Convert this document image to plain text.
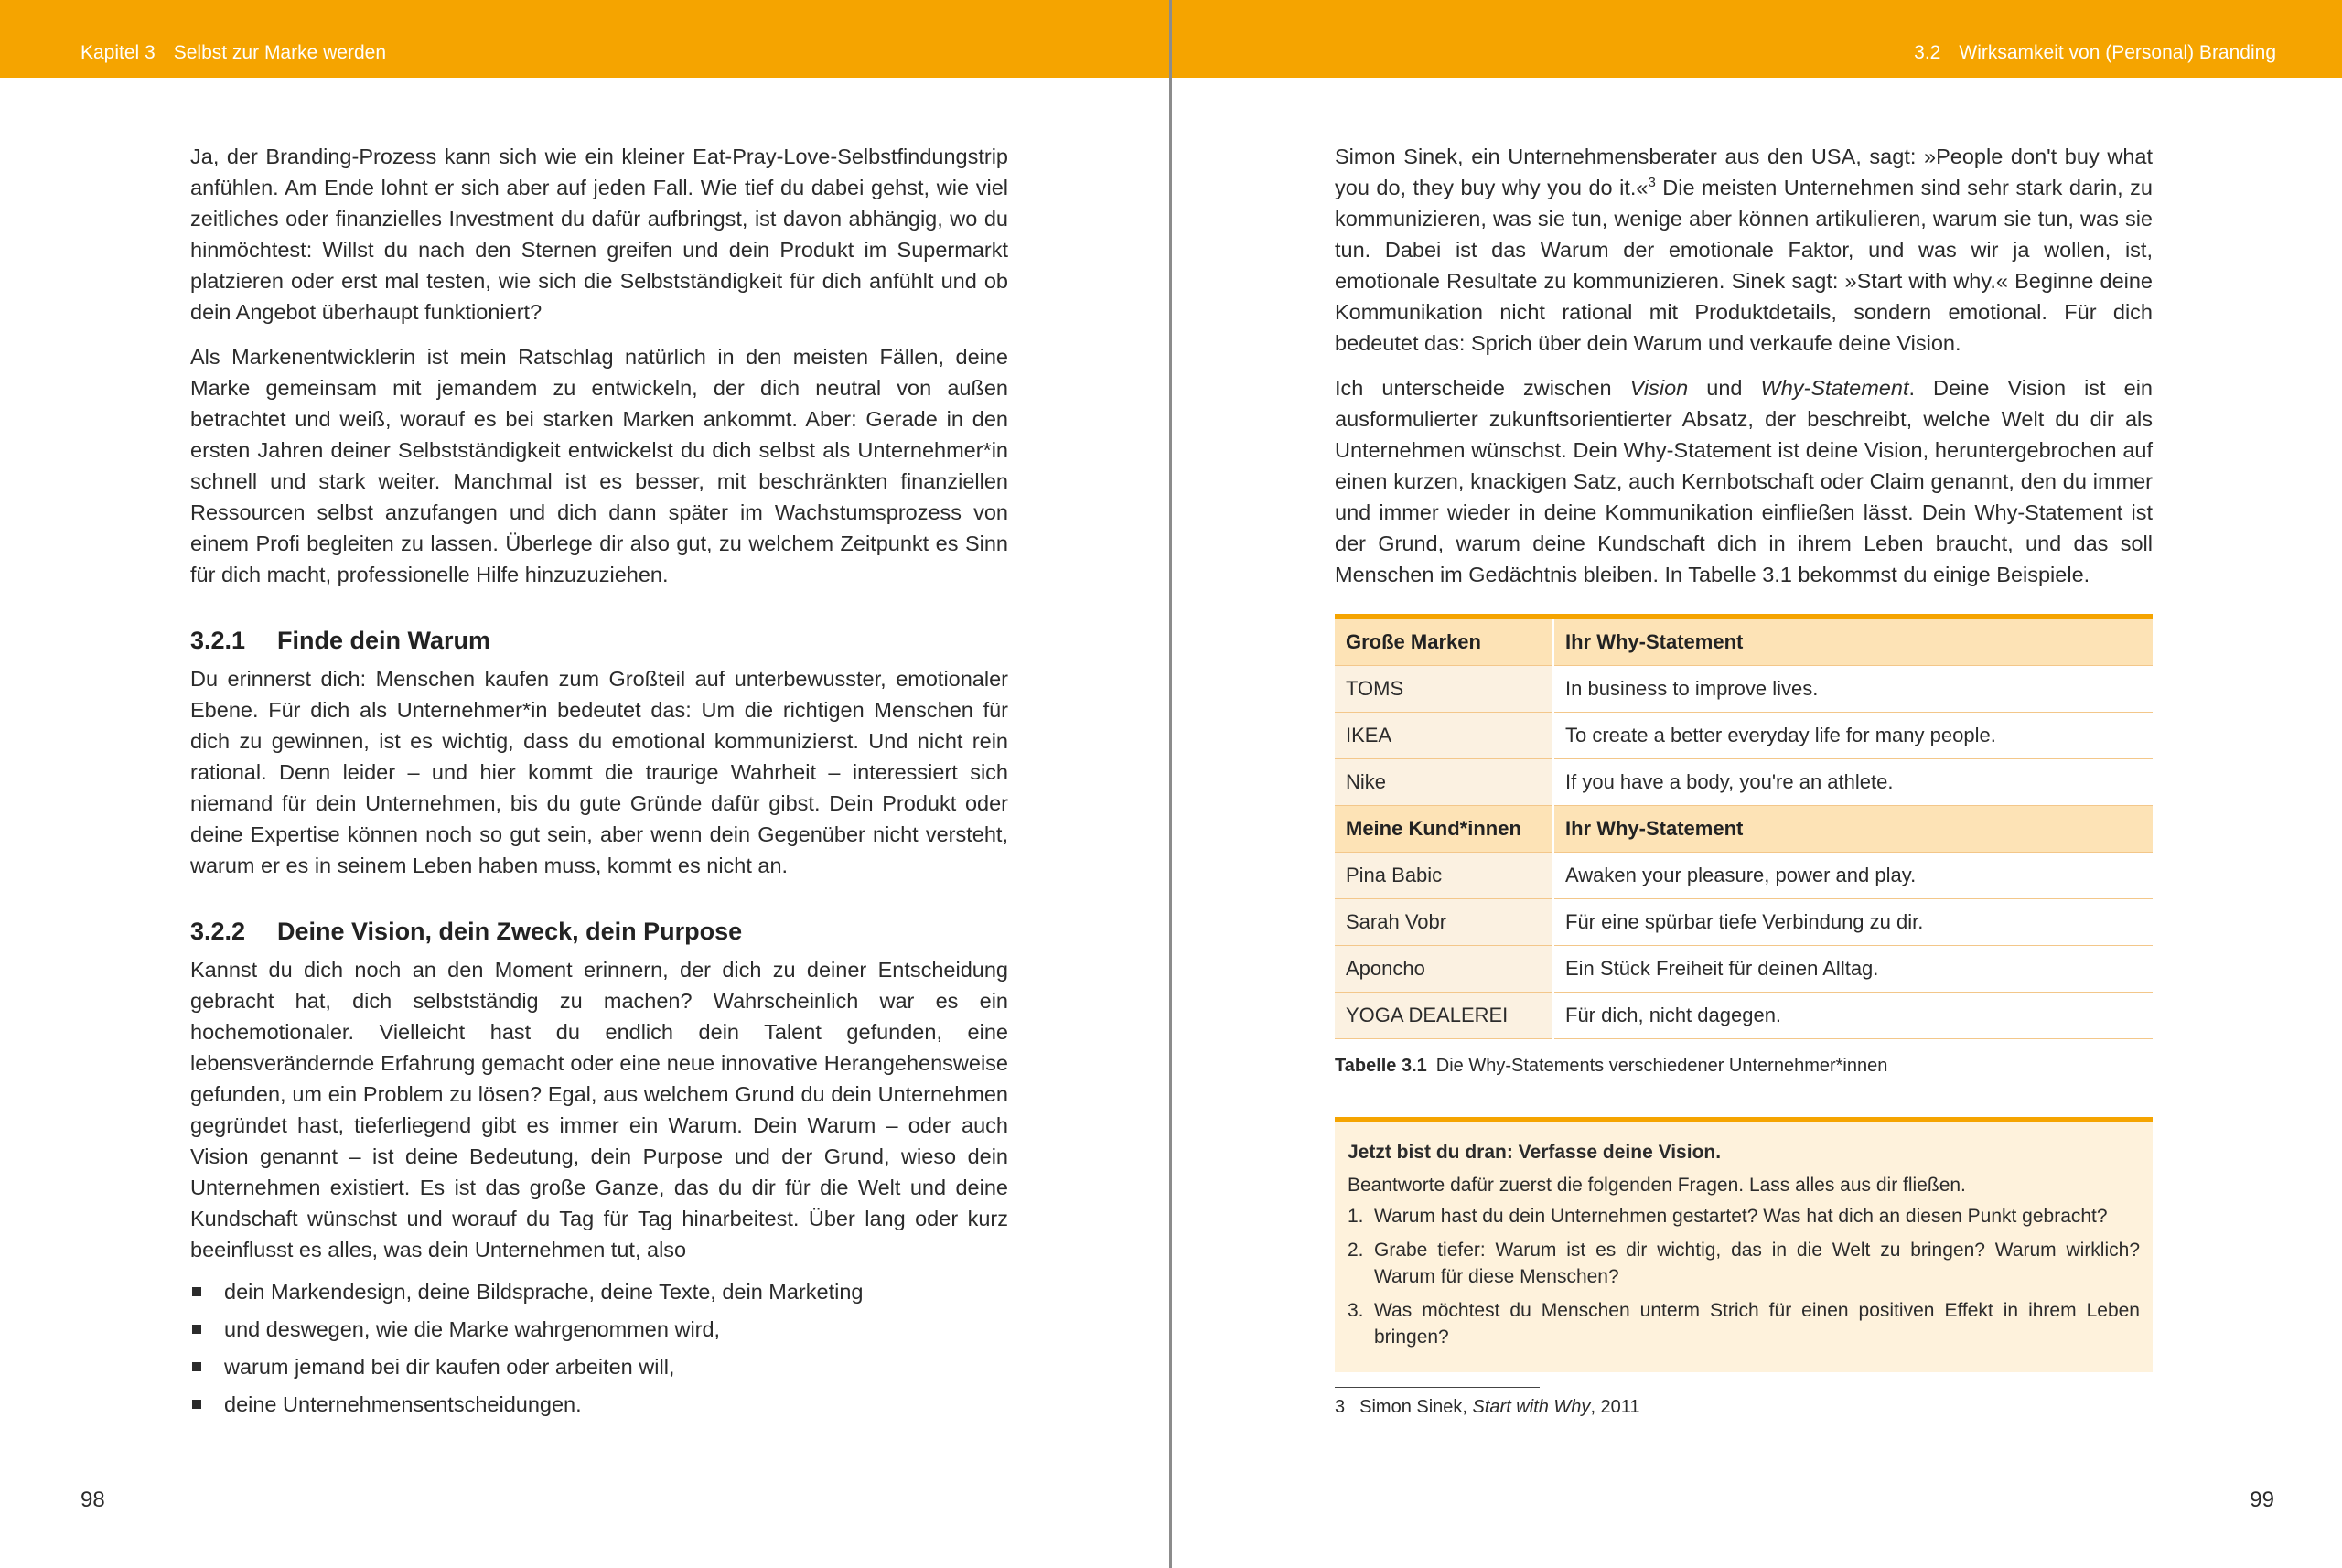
Kapitel 3 Selbst zur Marke werden

Ja, der Branding-Prozess kann sich wie ein kleiner Eat-Pray-Love-Selbstfindungstrip anfühlen. Am Ende lohnt er sich aber auf jeden Fall. Wie tief du dabei gehst, wie viel zeitliches oder finanzielles Investment du dafür aufbringst, ist davon abhängig, wo du hinmöchtest: Willst du nach den Sternen greifen und dein Produkt im Supermarkt platzieren oder erst mal testen, wie sich die Selbstständigkeit für dich anfühlt und ob dein Angebot überhaupt funktioniert?

Als Markenentwicklerin ist mein Ratschlag natürlich in den meisten Fällen, deine Marke gemeinsam mit jemandem zu entwickeln, der dich neutral von außen betrachtet und weiß, worauf es bei starken Marken ankommt. Aber: Gerade in den ersten Jahren deiner Selbstständigkeit entwickelst du dich selbst als Unternehmer*in schnell und stark weiter. Manchmal ist es besser, mit beschränkten finanziellen Ressourcen selbst anzufangen und dich dann später im Wachstumsprozess von einem Profi begleiten zu lassen. Überlege dir also gut, zu welchem Zeitpunkt es Sinn für dich macht, professionelle Hilfe hinzuzuziehen.

3.2.1 Finde dein Warum

Du erinnerst dich: Menschen kaufen zum Großteil auf unterbewusster, emotionaler Ebene. Für dich als Unternehmer*in bedeutet das: Um die richtigen Menschen für dich zu gewinnen, ist es wichtig, dass du emotional kommunizierst. Und nicht rein rational. Denn leider – und hier kommt die traurige Wahrheit – interessiert sich niemand für dein Unternehmen, bis du gute Gründe dafür gibst. Dein Produkt oder deine Expertise können noch so gut sein, aber wenn dein Gegenüber nicht versteht, warum er es in seinem Leben haben muss, kommt es nicht an.

3.2.2 Deine Vision, dein Zweck, dein Purpose

Kannst du dich noch an den Moment erinnern, der dich zu deiner Entscheidung gebracht hat, dich selbstständig zu machen? Wahrscheinlich war es ein hochemotionaler. Vielleicht hast du endlich dein Talent gefunden, eine lebensverändernde Erfahrung gemacht oder eine neue innovative Herangehensweise gefunden, um ein Problem zu lösen? Egal, aus welchem Grund du dein Unternehmen gegründet hast, tieferliegend gibt es immer ein Warum. Dein Warum – oder auch Vision genannt – ist deine Bedeutung, dein Purpose und der Grund, wieso dein Unternehmen existiert. Es ist das große Ganze, das du dir für die Welt und deine Kundschaft wünschst und worauf du Tag für Tag hinarbeitest. Über lang oder kurz beeinflusst es alles, was dein Unternehmen tut, also

dein Markendesign, deine Bildsprache, deine Texte, dein Marketing
und deswegen, wie die Marke wahrgenommen wird,
warum jemand bei dir kaufen oder arbeiten will,
deine Unternehmensentscheidungen.
98
3.2 Wirksamkeit von (Personal) Branding

Simon Sinek, ein Unternehmensberater aus den USA, sagt: »People don't buy what you do, they buy why you do it.«$^3$ Die meisten Unternehmen sind sehr stark darin, zu kommunizieren, was sie tun, wenige aber können artikulieren, warum sie tun, was sie tun. Dabei ist das Warum der emotionale Faktor, und was wir ja wollen, ist, emotionale Resultate zu kommunizieren. Sinek sagt: »Start with why.« Beginne deine Kommunikation nicht rational mit Produktdetails, sondern emotional. Für dich bedeutet das: Sprich über dein Warum und verkaufe deine Vision.

Ich unterscheide zwischen Vision und Why-Statement. Deine Vision ist ein ausformulierter zukunftsorientierter Absatz, der beschreibt, welche Welt du dir als Unternehmen wünschst. Dein Why-Statement ist deine Vision, heruntergebrochen auf einen kurzen, knackigen Satz, auch Kernbotschaft oder Claim genannt, den du immer und immer wieder in deine Kommunikation einfließen lässt. Dein Why-Statement ist der Grund, warum deine Kundschaft dich in ihrem Leben braucht, und das soll Menschen im Gedächtnis bleiben. In Tabelle 3.1 bekommst du einige Beispiele.

Große Marken	Ihr Why-Statement
TOMS	In business to improve lives.
IKEA	To create a better everyday life for many people.
Nike	If you have a body, you're an athlete.
Meine Kund*innen	Ihr Why-Statement
Pina Babic	Awaken your pleasure, power and play.
Sarah Vobr	Für eine spürbar tiefe Verbindung zu dir.
Aponcho	Ein Stück Freiheit für deinen Alltag.
YOGA DEALEREI	Für dich, nicht dagegen.
Tabelle 3.1 Die Why-Statements verschiedener Unternehmer*innen
Jetzt bist du dran: Verfasse deine Vision.
Beantworte dafür zuerst die folgenden Fragen. Lass alles aus dir fließen.
1. Warum hast du dein Unternehmen gestartet? Was hat dich an diesen Punkt gebracht?
2. Grabe tiefer: Warum ist es dir wichtig, das in die Welt zu bringen? Warum wirklich? Warum für diese Menschen?
3. Was möchtest du Menschen unterm Strich für einen positiven Effekt in ihrem Leben bringen?
3 Simon Sinek, Start with Why, 2011
99
